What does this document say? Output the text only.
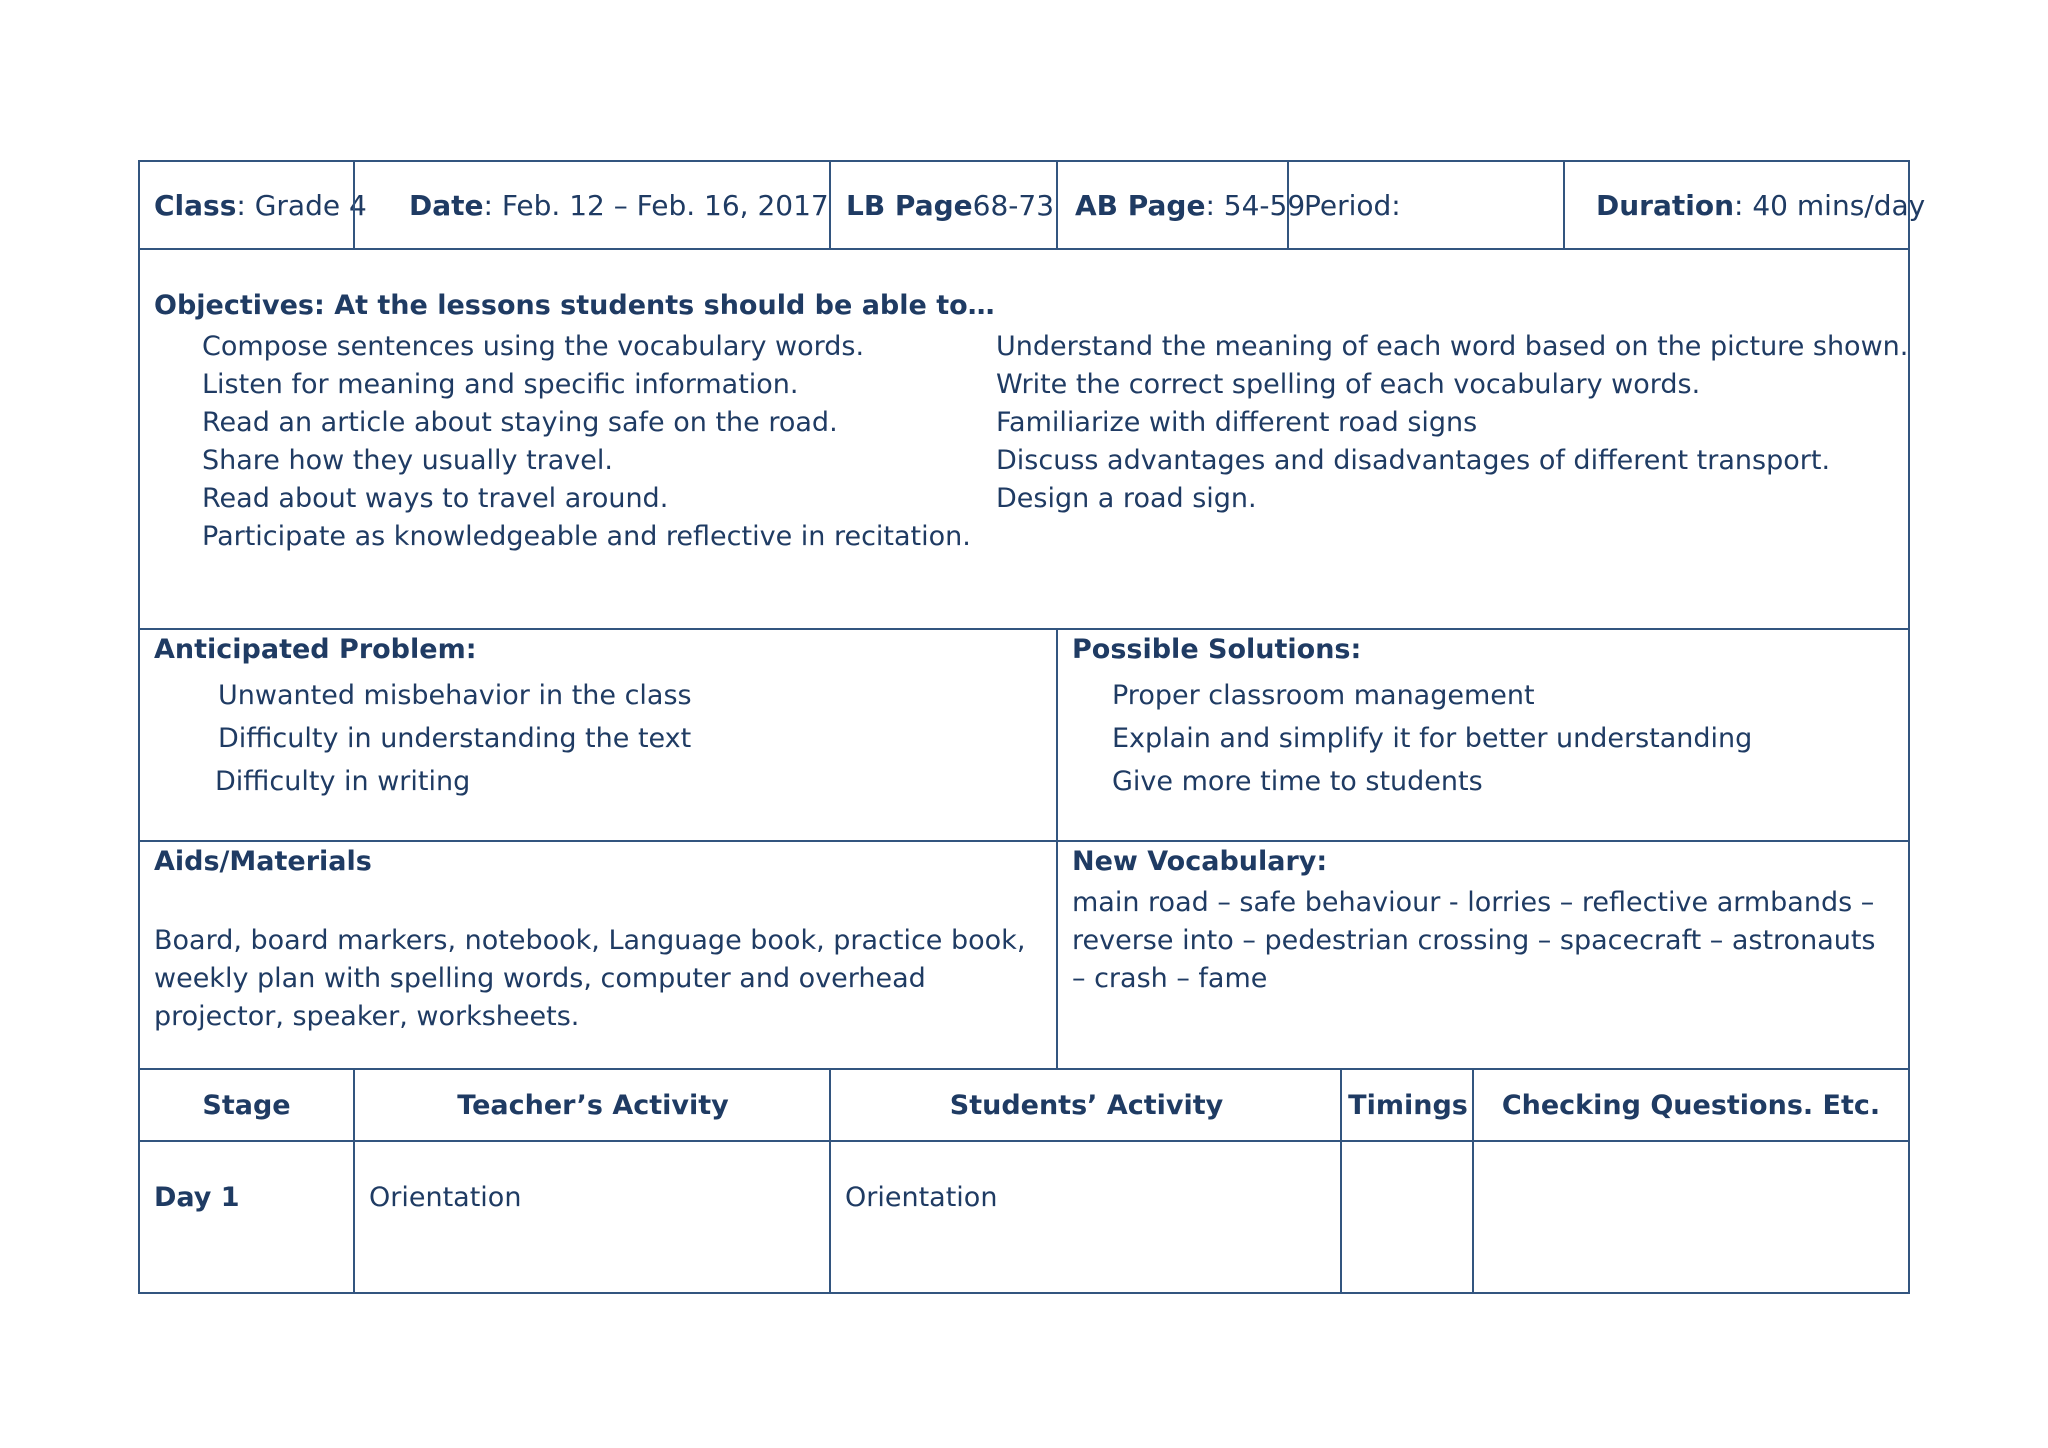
Class : Grade 4 Date : Feb. 12 – Feb. 16, 2017 LB Page 68-73 AB Page : 54-59
Period:	Duration : 40 mins/day
Objectives: At the lessons students should be able to…
Compose sentences using the vocabulary words.
Listen for meaning and specific information.
Read an article about staying safe on the road.
Share how they usually travel.
Read about ways to travel around.
Participate as knowledgeable and reflective in recitation.
Understand the meaning of each word based on the picture shown.
Write the correct spelling of each vocabulary words.
Familiarize with different road signs
Discuss advantages and disadvantages of different transport.
Design a road sign.
Anticipated Problem:
Unwanted misbehavior in the class
Difficulty in understanding the text
Difficulty in writing
Possible Solutions:
Proper classroom management
Explain and simplify it for better understanding
Give more time to students
Aids/Materials
Board, board markers, notebook, Language book, practice book, weekly plan with spelling words, computer and overhead projector, speaker, worksheets.
New Vocabulary:
main road – safe behaviour - lorries – reflective armbands – reverse into – pedestrian crossing – spacecraft – astronauts – crash – fame
Stage	Teacher’s Activity	Students’ Activity	Timings	Checking Questions. Etc.
Day 1	Orientation	Orientation
